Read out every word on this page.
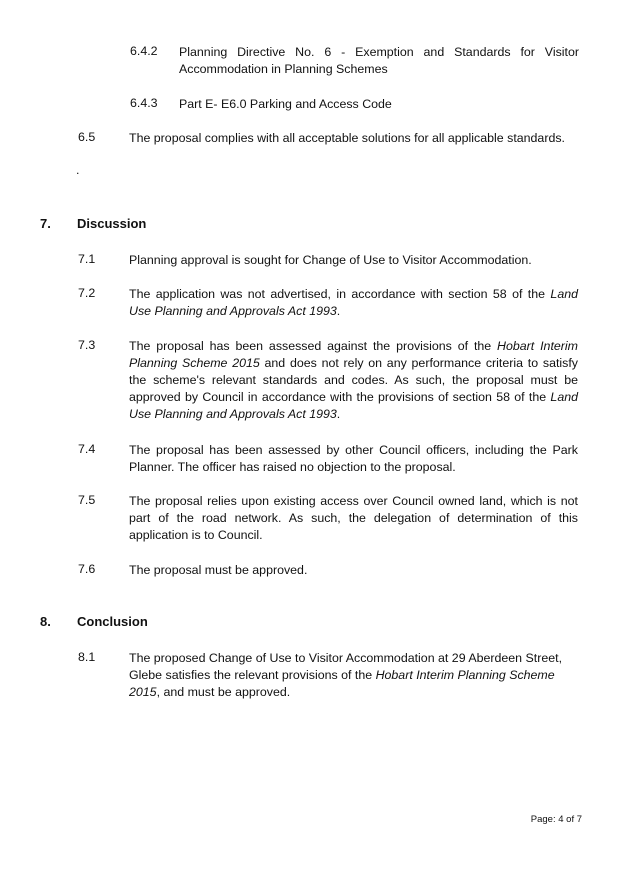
6.4.2 Planning Directive No. 6 - Exemption and Standards for Visitor Accommodation in Planning Schemes
6.4.3 Part E- E6.0 Parking and Access Code
6.5	The proposal complies with all acceptable solutions for all applicable standards.
.
7. Discussion
7.1	Planning approval is sought for Change of Use to Visitor Accommodation.
7.2	The application was not advertised, in accordance with section 58 of the Land Use Planning and Approvals Act 1993.
7.3	The proposal has been assessed against the provisions of the Hobart Interim Planning Scheme 2015 and does not rely on any performance criteria to satisfy the scheme's relevant standards and codes. As such, the proposal must be approved by Council in accordance with the provisions of section 58 of the Land Use Planning and Approvals Act 1993.
7.4	The proposal has been assessed by other Council officers, including the Park Planner. The officer has raised no objection to the proposal.
7.5	The proposal relies upon existing access over Council owned land, which is not part of the road network. As such, the delegation of determination of this application is to Council.
7.6	The proposal must be approved.
8. Conclusion
8.1	The proposed Change of Use to Visitor Accommodation at 29 Aberdeen Street, Glebe satisfies the relevant provisions of the Hobart Interim Planning Scheme 2015, and must be approved.
Page: 4 of 7
